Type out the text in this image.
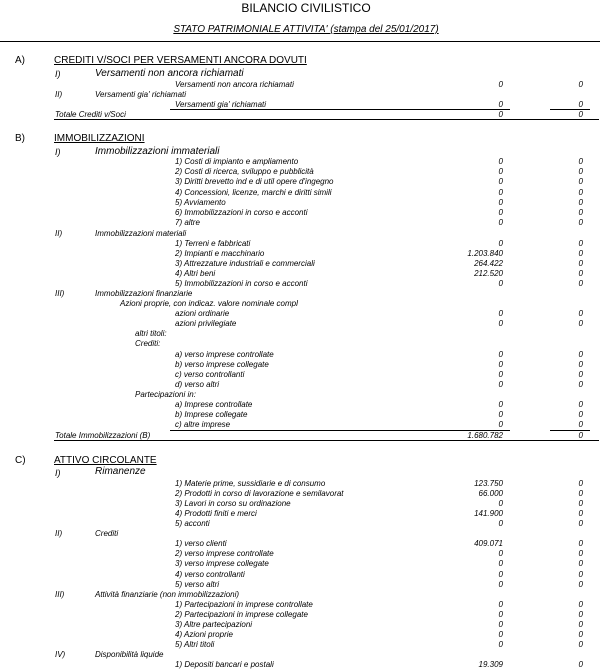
BILANCIO CIVILISTICO
STATO PATRIMONIALE ATTIVITA' (stampa del 25/01/2017)
A)	CREDITI V/SOCI PER VERSAMENTI ANCORA DOVUTI
I)	Versamenti non ancora richiamati
Versamenti non ancora richiamati	0	0
II)	Versamenti gia' richiamati
Versamenti gia' richiamati	0	0
Totale Crediti v/Soci	0	0
B)	IMMOBILIZZAZIONI
I)	Immobilizzazioni immateriali
1) Costi di impianto e ampliamento	0	0
2) Costi di ricerca, sviluppo e pubblicità	0	0
3) Diritti brevetto ind e di util opere d'ingegno	0	0
4) Concessioni, licenze, marchi e diritti simili	0	0
5) Avviamento	0	0
6) Immobilizzazioni in corso e acconti	0	0
7) altre	0	0
II)	Immobilizzazioni materiali
1) Terreni e fabbricati	0	0
2) Impianti e macchinario	1.203.840	0
3) Attrezzature industriali e commerciali	264.422	0
4) Altri beni	212.520	0
5) Immobilizzazioni in corso e acconti	0	0
III)	Immobilizzazioni finanziarie
Azioni proprie, con indicaz. valore nominale compl
azioni ordinarie	0	0
azioni privilegiate	0	0
altri titoli:
Crediti:
a) verso imprese controllate	0	0
b) verso imprese collegate	0	0
c) verso controllanti	0	0
d) verso altri	0	0
Partecipazioni in:
a) Imprese controllate	0	0
b) Imprese collegate	0	0
c) altre imprese	0	0
Totale Immobilizzazioni (B)	1.680.782	0
C)	ATTIVO CIRCOLANTE
I)	Rimanenze
1) Materie prime, sussidiarie e di consumo	123.750	0
2) Prodotti in corso di lavorazione e semilavorat	66.000	0
3) Lavori in corso su ordinazione	0	0
4) Prodotti finiti e merci	141.900	0
5) acconti	0	0
II)	Crediti
1) verso clienti	409.071	0
2) verso imprese controllate	0	0
3) verso imprese collegate	0	0
4) verso controllanti	0	0
5) verso altri	0	0
III)	Attività finanziarie (non immobilizzazioni)
1) Partecipazioni in imprese controllate	0	0
2) Partecipazioni in imprese collegate	0	0
3) Altre partecipazioni	0	0
4) Azioni proprie	0	0
5) Altri titoli	0	0
IV)	Disponibilità liquide
1) Depositi bancari e postali	19.309	0
